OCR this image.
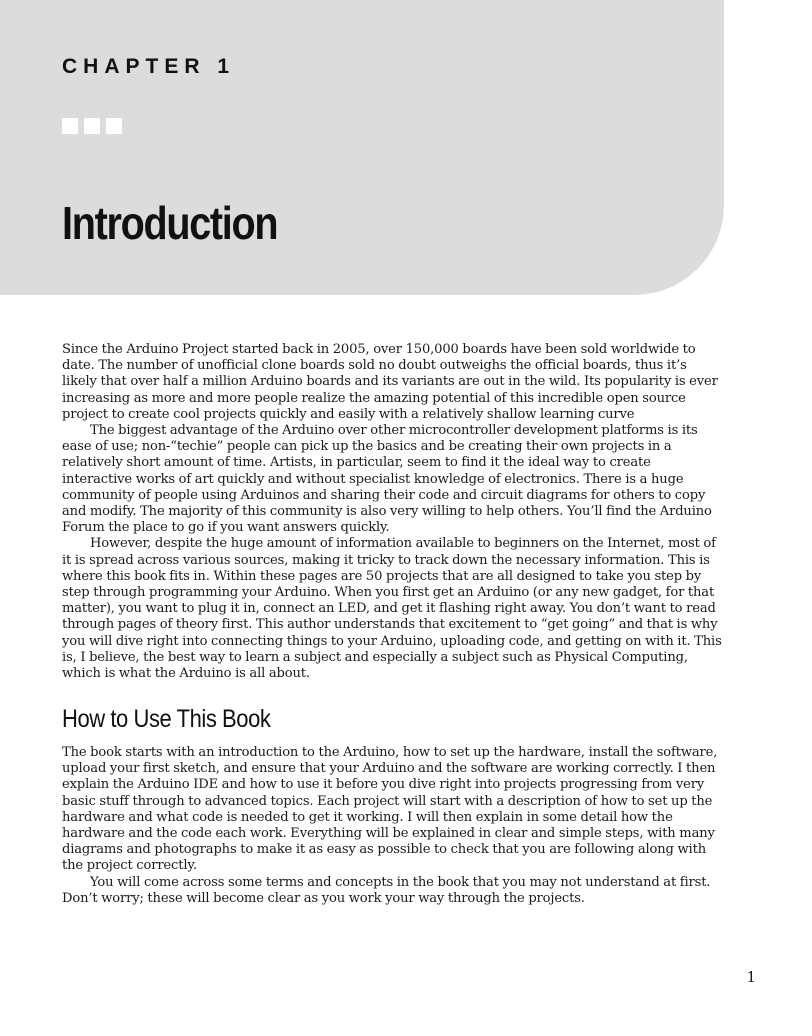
CHAPTER 1
Introduction

Since the Arduino Project started back in 2005, over 150,000 boards have been sold worldwide to date. The number of unofficial clone boards sold no doubt outweighs the official boards, thus it’s likely that over half a million Arduino boards and its variants are out in the wild. Its popularity is ever increasing as more and more people realize the amazing potential of this incredible open source project to create cool projects quickly and easily with a relatively shallow learning curve

The biggest advantage of the Arduino over other microcontroller development platforms is its ease of use; non-“techie” people can pick up the basics and be creating their own projects in a relatively short amount of time. Artists, in particular, seem to find it the ideal way to create interactive works of art quickly and without specialist knowledge of electronics. There is a huge community of people using Arduinos and sharing their code and circuit diagrams for others to copy and modify. The majority of this community is also very willing to help others. You’ll find the Arduino Forum the place to go if you want answers quickly.

However, despite the huge amount of information available to beginners on the Internet, most of it is spread across various sources, making it tricky to track down the necessary information. This is where this book fits in. Within these pages are 50 projects that are all designed to take you step by step through programming your Arduino. When you first get an Arduino (or any new gadget, for that matter), you want to plug it in, connect an LED, and get it flashing right away. You don’t want to read through pages of theory first. This author understands that excitement to “get going” and that is why you will dive right into connecting things to your Arduino, uploading code, and getting on with it. This is, I believe, the best way to learn a subject and especially a subject such as Physical Computing, which is what the Arduino is all about.

How to Use This Book

The book starts with an introduction to the Arduino, how to set up the hardware, install the software, upload your first sketch, and ensure that your Arduino and the software are working correctly. I then explain the Arduino IDE and how to use it before you dive right into projects progressing from very basic stuff through to advanced topics. Each project will start with a description of how to set up the hardware and what code is needed to get it working. I will then explain in some detail how the hardware and the code each work. Everything will be explained in clear and simple steps, with many diagrams and photographs to make it as easy as possible to check that you are following along with the project correctly.

You will come across some terms and concepts in the book that you may not understand at first. Don’t worry; these will become clear as you work your way through the projects.

1
